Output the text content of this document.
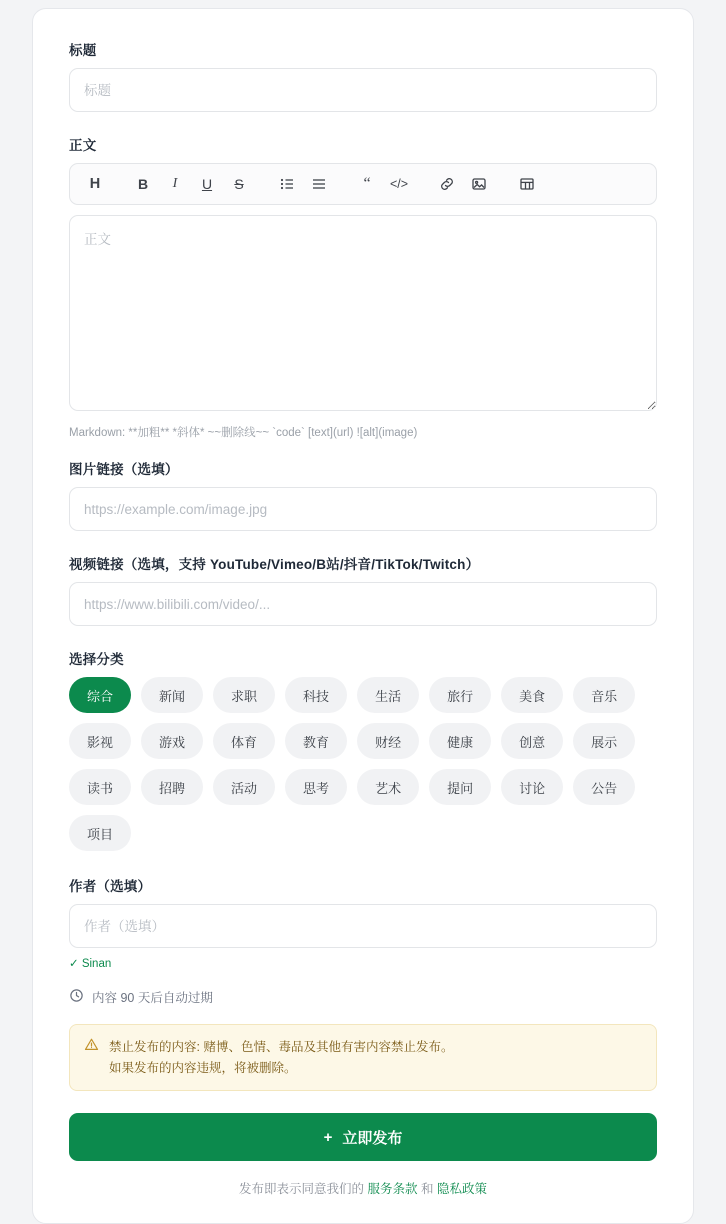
标题
标题
正文
H	B	I	U	S	“	</>
正文
Markdown: **加粗** *斜体* ~~删除线~~ `code` [text](url) ![alt](image)
图片链接（选填）
https://example.com/image.jpg
视频链接（选填，支持 YouTube/Vimeo/B站/抖音/TikTok/Twitch）
https://www.bilibili.com/video/...
选择分类
综合	新闻	求职	科技	生活	旅行	美食	音乐
影视	游戏	体育	教育	财经	健康	创意	展示
读书	招聘	活动	思考	艺术	提问	讨论	公告
项目
作者（选填）
作者（选填）
✓ Sinan
内容 90 天后自动过期
禁止发布的内容: 赌博、色情、毒品及其他有害内容禁止发布。
如果发布的内容违规，将被删除。
+ 立即发布
发布即表示同意我们的 服务条款 和 隐私政策
